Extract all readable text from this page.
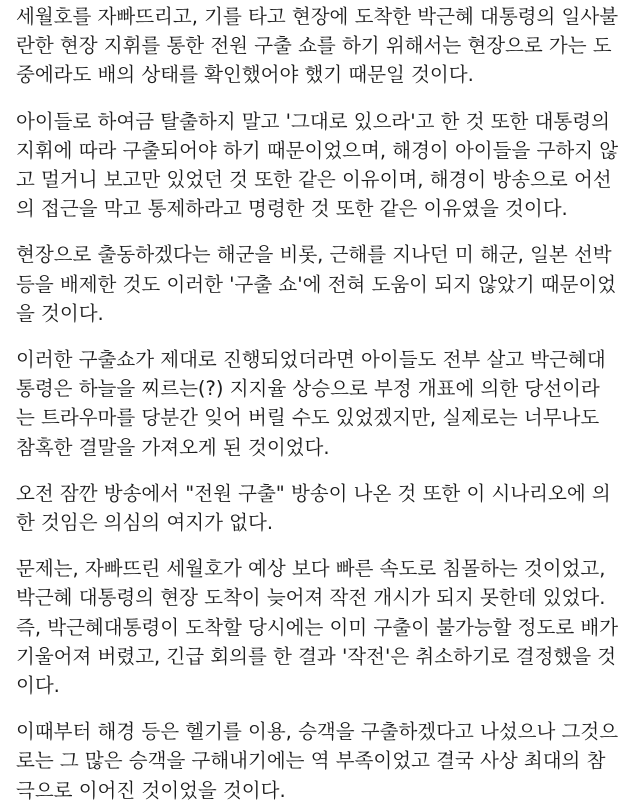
세월호를 자빠뜨리고, 기를 타고 현장에 도착한 박근혜 대통령의 일사불
란한 현장 지휘를 통한 전원 구출 쇼를 하기 위해서는 현장으로 가는 도
중에라도 배의 상태를 확인했어야 했기 때문일 것이다.

아이들로 하여금 탈출하지 말고 '그대로 있으라'고 한 것 또한 대통령의
지휘에 따라 구출되어야 하기 때문이었으며, 해경이 아이들을 구하지 않
고 멀거니 보고만 있었던 것 또한 같은 이유이며, 해경이 방송으로 어선
의 접근을 막고 통제하라고 명령한 것 또한 같은 이유였을 것이다.

현장으로 출동하겠다는 해군을 비롯, 근해를 지나던 미 해군, 일본 선박
등을 배제한 것도 이러한 '구출 쇼'에 전혀 도움이 되지 않았기 때문이었
을 것이다.

이러한 구출쇼가 제대로 진행되었더라면 아이들도 전부 살고 박근혜대
통령은 하늘을 찌르는(?) 지지율 상승으로 부정 개표에 의한 당선이라
는 트라우마를 당분간 잊어 버릴 수도 있었겠지만, 실제로는 너무나도
참혹한 결말을 가져오게 된 것이었다.

오전 잠깐 방송에서 "전원 구출" 방송이 나온 것 또한 이 시나리오에 의
한 것임은 의심의 여지가 없다.

문제는, 자빠뜨린 세월호가 예상 보다 빠른 속도로 침몰하는 것이었고,
박근혜 대통령의 현장 도착이 늦어져 작전 개시가 되지 못한데 있었다.
즉, 박근혜대통령이 도착할 당시에는 이미 구출이 불가능할 정도로 배가
기울어져 버렸고, 긴급 회의를 한 결과 '작전'은 취소하기로 결정했을 것
이다.

이때부터 해경 등은 헬기를 이용, 승객을 구출하겠다고 나섰으나 그것으
로는 그 많은 승객을 구해내기에는 역 부족이었고 결국 사상 최대의 참
극으로 이어진 것이었을 것이다.
